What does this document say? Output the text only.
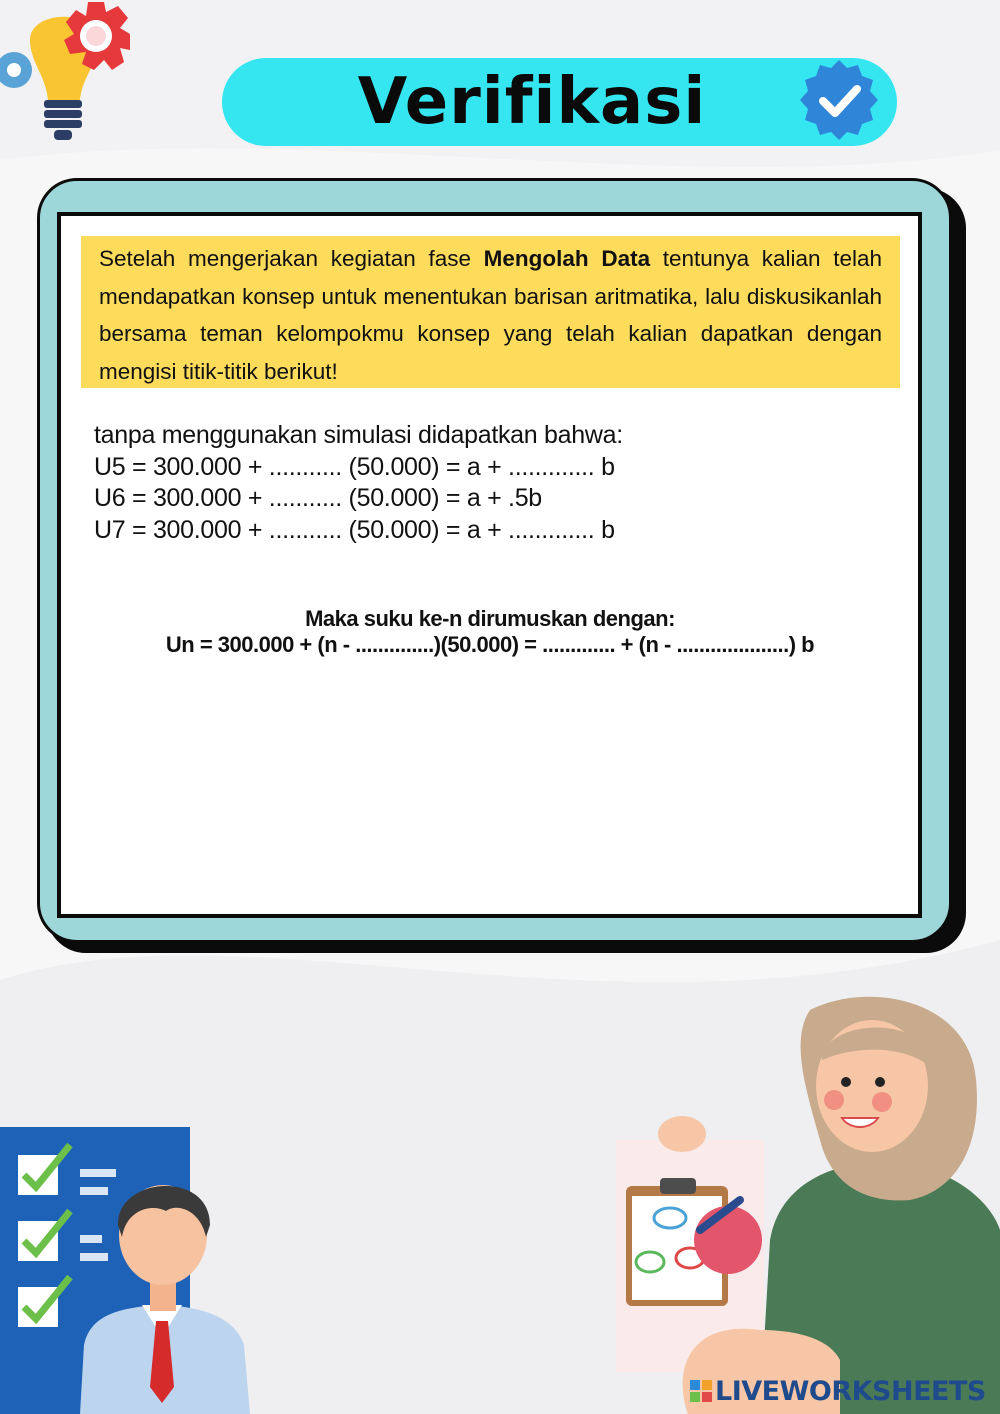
Verifikasi
Setelah mengerjakan kegiatan fase Mengolah Data tentunya kalian telah mendapatkan konsep untuk menentukan barisan aritmatika, lalu diskusikanlah bersama teman kelompokmu konsep yang telah kalian dapatkan dengan mengisi titik-titik berikut!
tanpa menggunakan simulasi didapatkan bahwa:
U5 = 300.000 + ........... (50.000) = a + ............. b
U6 = 300.000 + ........... (50.000) = a + .5b
U7 = 300.000 + ........... (50.000) = a + ............. b
Maka suku ke-n dirumuskan dengan:
Un = 300.000 + (n - ..............)(50.000) = ............. + (n - ....................) b
LIVEWORKSHEETS
